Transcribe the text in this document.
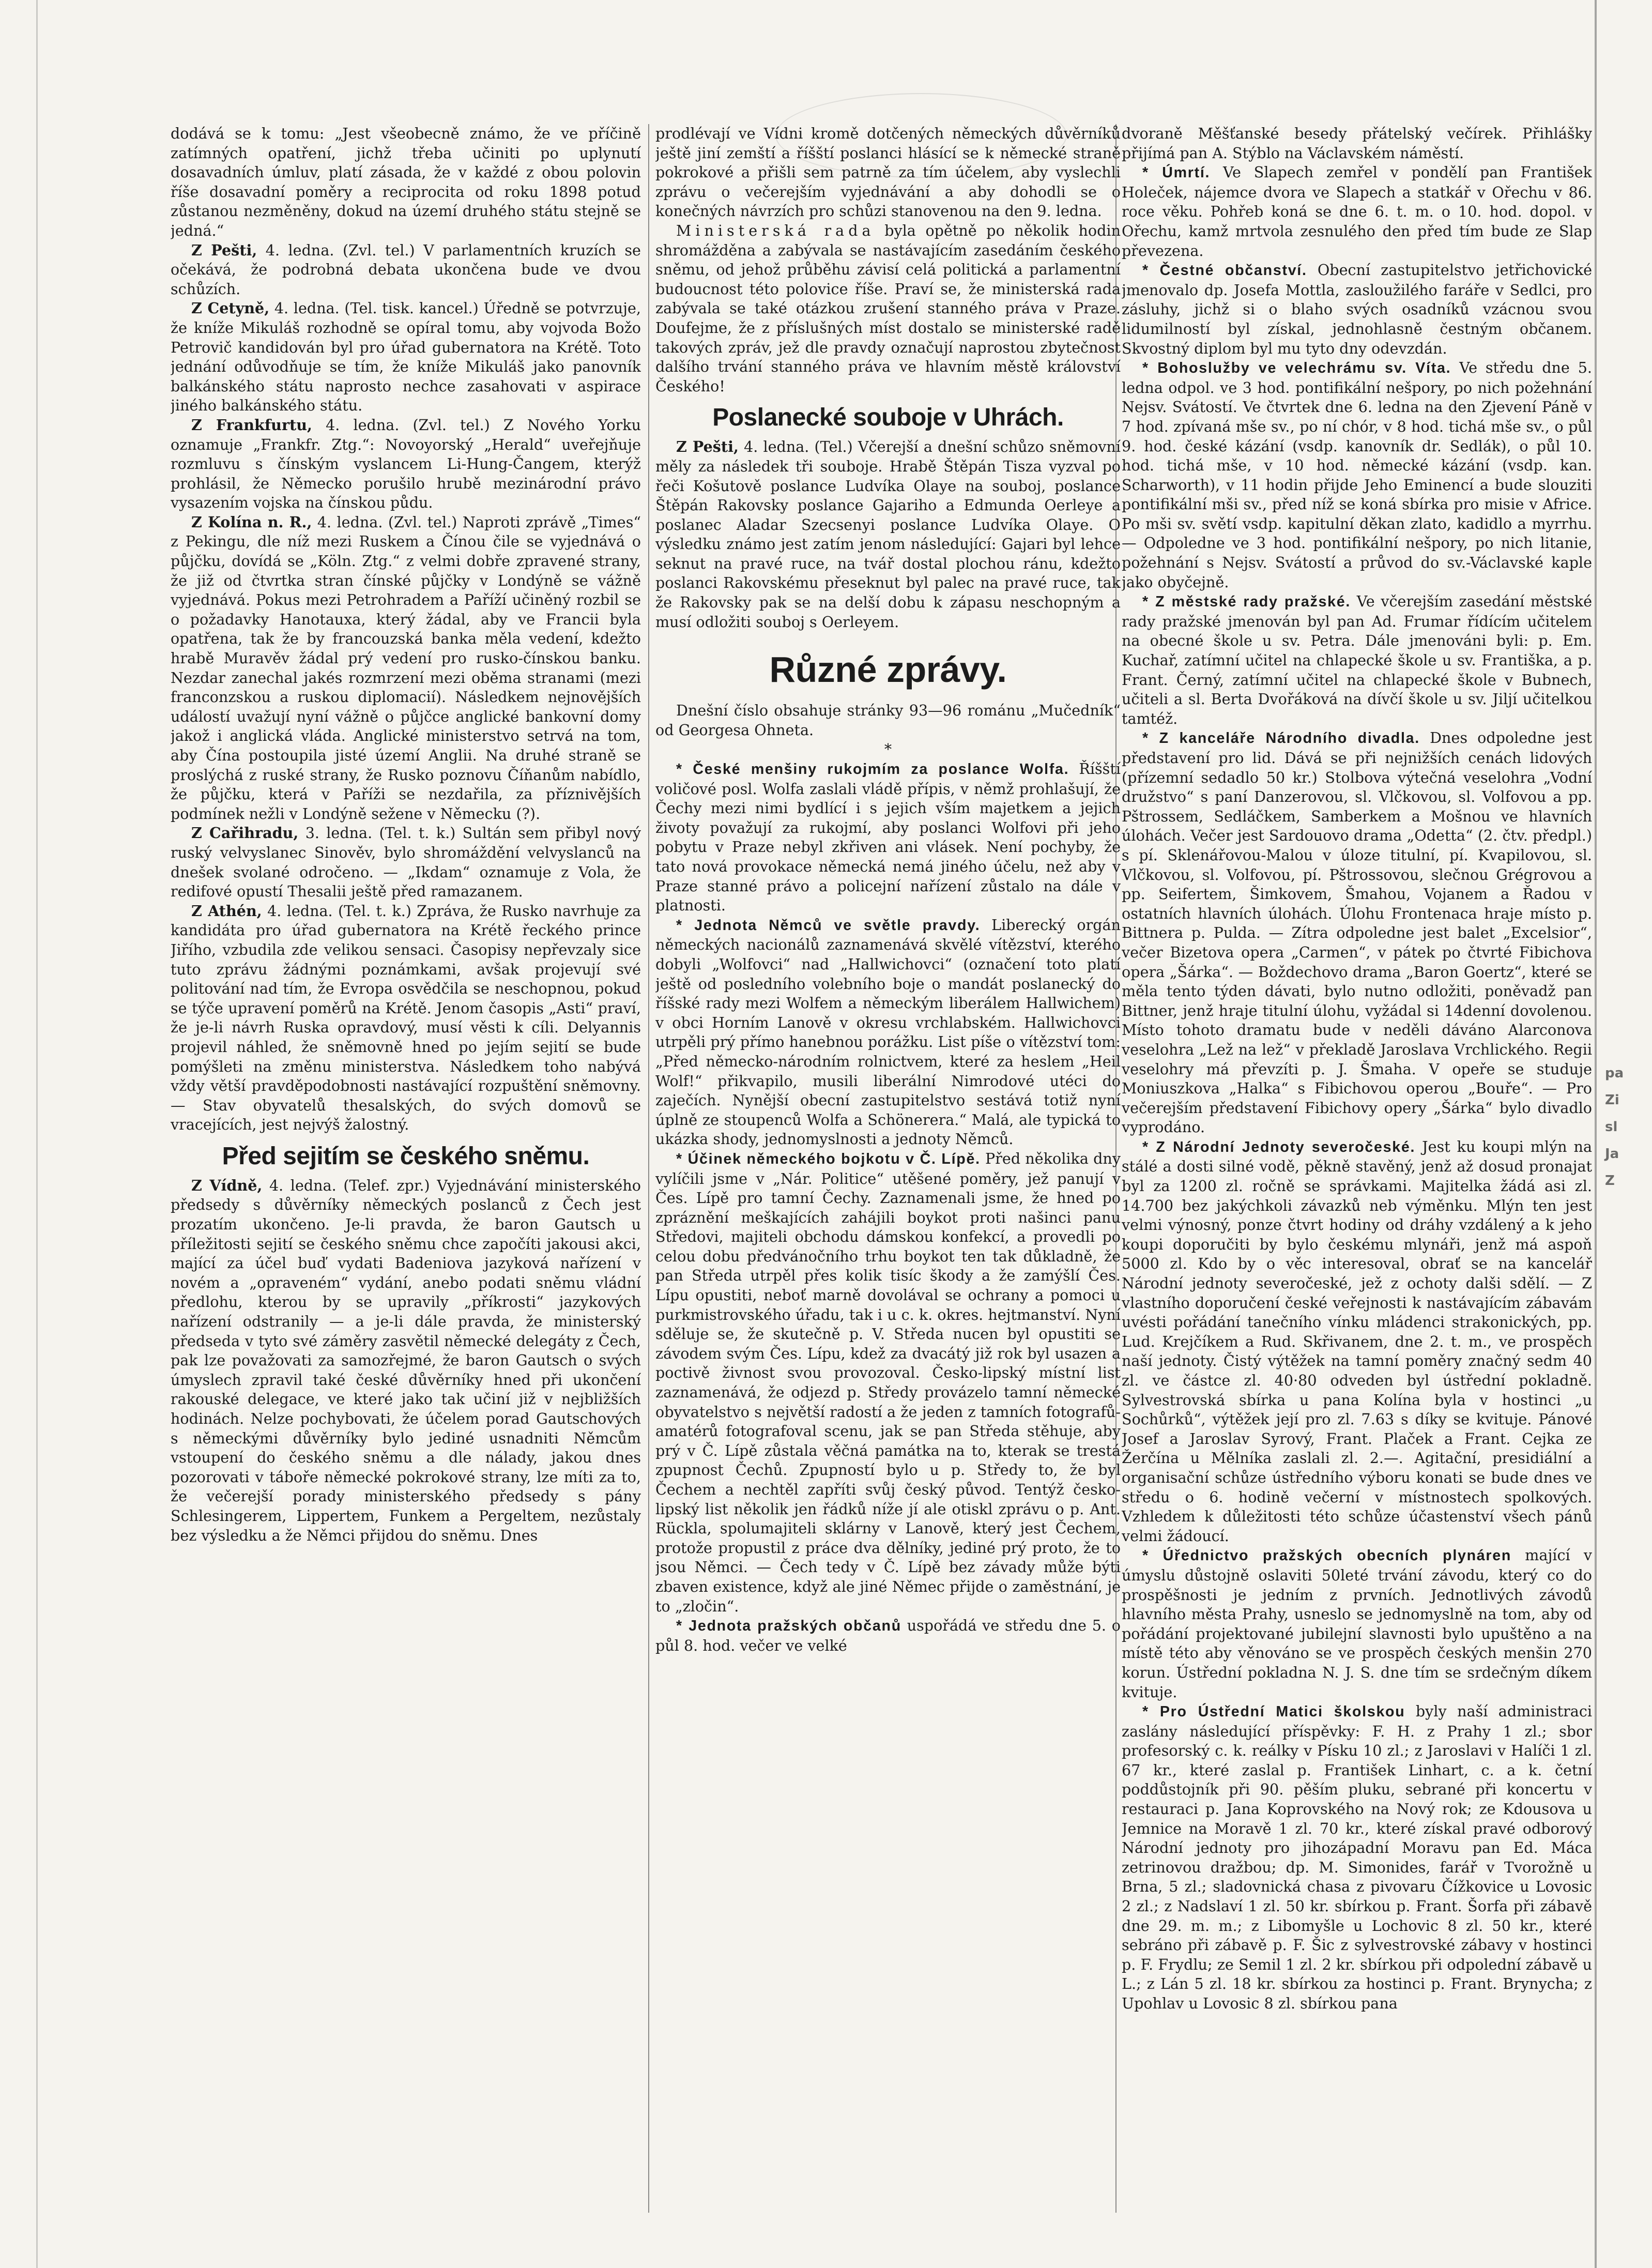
dodává se k tomu: „Jest všeobecně známo, že ve příčině zatímných opatření, jichž třeba učiniti po uplynutí dosavadních úmluv, platí zásada, že v každé z obou polovin říše dosavadní poměry a reciprocita od roku 1898 potud zůstanou nezměněny, dokud na území druhého státu stejně se jedná.“

Z Pešti, 4. ledna. (Zvl. tel.) V parlamentních kruzích se očekává, že podrobná debata ukončena bude ve dvou schůzích.

Z Cetyně, 4. ledna. (Tel. tisk. kancel.) Úředně se potvrzuje, že kníže Mikuláš rozhodně se opíral tomu, aby vojvoda Božo Petrovič kandidován byl pro úřad gubernatora na Krétě. Toto jednání odůvodňuje se tím, že kníže Mikuláš jako panovník balkánského státu naprosto nechce zasahovati v aspirace jiného balkánského státu.

Z Frankfurtu, 4. ledna. (Zvl. tel.) Z Nového Yorku oznamuje „Frankfr. Ztg.“: Novoyorský „Herald“ uveřejňuje rozmluvu s čínským vyslancem Li-Hung-Čangem, kterýž prohlásil, že Německo porušilo hrubě mezinárodní právo vysazením vojska na čínskou půdu.

Z Kolína n. R., 4. ledna. (Zvl. tel.) Naproti zprávě „Times“ z Pekingu, dle níž mezi Ruskem a Čínou čile se vyjednává o půjčku, dovídá se „Köln. Ztg.“ z velmi dobře zpravené strany, že již od čtvrtka stran čínské půjčky v Londýně se vážně vyjednává. Pokus mezi Petrohradem a Paříží učiněný rozbil se o požadavky Hanotauxa, který žádal, aby ve Francii byla opatřena, tak že by francouzská banka měla vedení, kdežto hrabě Muravěv žádal prý vedení pro rusko-čínskou banku. Nezdar zanechal jakés rozmrzení mezi oběma stranami (mezi franconzskou a ruskou diplomacií). Následkem nejnovějších událostí uvažují nyní vážně o půjčce anglické bankovní domy jakož i anglická vláda. Anglické ministerstvo setrvá na tom, aby Čína postoupila jisté území Anglii. Na druhé straně se proslýchá z ruské strany, že Rusko poznovu Číňanům nabídlo, že půjčku, která v Paříži se nezdařila, za příznivějších podmínek nežli v Londýně sežene v Německu (?).

Z Cařihradu, 3. ledna. (Tel. t. k.) Sultán sem přibyl nový ruský velvyslanec Sinověv, bylo shromáždění velvyslanců na dnešek svolané odročeno. — „Ikdam“ oznamuje z Vola, že redifové opustí Thesalii ještě před ramazanem.

Z Athén, 4. ledna. (Tel. t. k.) Zpráva, že Rusko navrhuje za kandidáta pro úřad gubernatora na Krétě řeckého prince Jiřího, vzbudila zde velikou sensaci. Časopisy nepřevzaly sice tuto zprávu žádnými poznámkami, avšak projevují své politování nad tím, že Evropa osvědčila se neschopnou, pokud se týče upravení poměrů na Krétě. Jenom časopis „Asti“ praví, že je-li návrh Ruska opravdový, musí věsti k cíli. Delyannis projevil náhled, že sněmovně hned po jejím sejití se bude pomýšleti na změnu ministerstva. Následkem toho nabývá vždy větší pravděpodobnosti nastávající rozpuštění sněmovny. — Stav obyvatelů thesalských, do svých domovů se vracejících, jest nejvýš žalostný.

Před sejitím se českého sněmu.

Z Vídně, 4. ledna. (Telef. zpr.) Vyjednávání ministerského předsedy s důvěrníky německých poslanců z Čech jest prozatím ukončeno. Je-li pravda, že baron Gautsch u příležitosti sejití se českého sněmu chce započíti jakousi akci, mající za účel buď vydati Badeniova jazyková nařízení v novém a „opraveném“ vydání, anebo podati sněmu vládní předlohu, kterou by se upravily „příkrosti“ jazykových nařízení odstranily — a je-li dále pravda, že ministerský předseda v tyto své záměry zasvětil německé delegáty z Čech, pak lze považovati za samozřejmé, že baron Gautsch o svých úmyslech zpravil také české důvěrníky hned při ukončení rakouské delegace, ve které jako tak učiní již v nejbližších hodinách. Nelze pochybovati, že účelem porad Gautschových s německými důvěrníky bylo jediné usnadniti Němcům vstoupení do českého sněmu a dle nálady, jakou dnes pozorovati v táboře německé pokrokové strany, lze míti za to, že večerejší porady ministerského předsedy s pány Schlesingerem, Lippertem, Funkem a Pergeltem, nezůstaly bez výsledku a že Němci přijdou do sněmu. Dnes

prodlévají ve Vídni kromě dotčených německých důvěrníků ještě jiní zemští a říšští poslanci hlásící se k německé straně pokrokové a přišli sem patrně za tím účelem, aby vyslechli zprávu o večerejším vyjednávání a aby dohodli se o konečných návrzích pro schůzi stanovenou na den 9. ledna.

Ministerská rada byla opětně po několik hodin shromážděna a zabývala se nastávajícím zasedáním českého sněmu, od jehož průběhu závisí celá politická a parlamentní budoucnost této polovice říše. Praví se, že ministerská rada zabývala se také otázkou zrušení stanného práva v Praze. Doufejme, že z příslušných míst dostalo se ministerské radě takových zpráv, jež dle pravdy označují naprostou zbytečnost dalšího trvání stanného práva ve hlavním městě království Českého!

Poslanecké souboje v Uhrách.

Z Pešti, 4. ledna. (Tel.) Včerejší a dnešní schůzo sněmovní měly za následek tři souboje. Hrabě Štěpán Tisza vyzval po řeči Košutově poslance Ludvíka Olaye na souboj, poslance Štěpán Rakovsky poslance Gajariho a Edmunda Oerleye a poslanec Aladar Szecsenyi poslance Ludvíka Olaye. O výsledku známo jest zatím jenom následující: Gajari byl lehce seknut na pravé ruce, na tvář dostal plochou ránu, kdežto poslanci Rakovskému přeseknut byl palec na pravé ruce, tak že Rakovsky pak se na delší dobu k zápasu neschopným a musí odložiti souboj s Oerleyem.

Různé zprávy.

Dnešní číslo obsahuje stránky 93—96 románu „Mučedník“ od Georgesa Ohneta.

*

* České menšiny rukojmím za poslance Wolfa. Říšští voličové posl. Wolfa zaslali vládě přípis, v němž prohlašují, že Čechy mezi nimi bydlící i s jejich vším majetkem a jejich životy považují za rukojmí, aby poslanci Wolfovi při jeho pobytu v Praze nebyl zkřiven ani vlásek. Není pochyby, že tato nová provokace německá nemá jiného účelu, než aby v Praze stanné právo a policejní nařízení zůstalo na dále v platnosti.

* Jednota Němců ve světle pravdy. Liberecký orgán německých nacionálů zaznamenává skvělé vítězství, kterého dobyli „Wolfovci“ nad „Hallwichovci“ (označení toto platí ještě od posledního volebního boje o mandát poslanecký do říšské rady mezi Wolfem a německým liberálem Hallwichem) v obci Horním Lanově v okresu vrchlabském. Hallwichovci utrpěli prý přímo hanebnou porážku. List píše o vítězství tom: „Před německo-národním rolnictvem, které za heslem „Heil Wolf!“ přikvapilo, musili liberální Nimrodové utéci do zaječích. Nynější obecní zastupitelstvo sestává totiž nyní úplně ze stoupenců Wolfa a Schönerera.“ Malá, ale typická to ukázka shody, jednomyslnosti a jednoty Němců.

* Účinek německého bojkotu v Č. Lípě. Před několika dny vylíčili jsme v „Nár. Politice“ utěšené poměry, jež panují v Čes. Lípě pro tamní Čechy. Zaznamenali jsme, že hned po zpráznění meškajících zahájili boykot proti našinci panu Středovi, majiteli obchodu dámskou konfekcí, a provedli po celou dobu předvánočního trhu boykot ten tak důkladně, že pan Středa utrpěl přes kolik tisíc škody a že zamýšlí Čes. Lípu opustiti, neboť marně dovolával se ochrany a pomoci u purkmistrovského úřadu, tak i u c. k. okres. hejtmanství. Nyní sděluje se, že skutečně p. V. Středa nucen byl opustiti se závodem svým Čes. Lípu, kdež za dvacátý již rok byl usazen a poctivě živnost svou provozoval. Česko-lipský místní list zaznamenává, že odjezd p. Středy provázelo tamní německé obyvatelstvo s největší radostí a že jeden z tamních fotografů-amatérů fotografoval scenu, jak se pan Středa stěhuje, aby prý v Č. Lípě zůstala věčná památka na to, kterak se trestá zpupnost Čechů. Zpupností bylo u p. Středy to, že byl Čechem a nechtěl zapříti svůj český původ. Tentýž česko-lipský list několik jen řádků níže jí ale otiskl zprávu o p. Ant. Rückla, spolumajiteli sklárny v Lanově, který jest Čechem, protože propustil z práce dva dělníky, jediné prý proto, že to jsou Němci. — Čech tedy v Č. Lípě bez závady může býti zbaven existence, když ale jiné Němec přijde o zaměstnání, je to „zločin“.

* Jednota pražských občanů uspořádá ve středu dne 5. o půl 8. hod. večer ve velké

dvoraně Měšťanské besedy přátelský večírek. Přihlášky přijímá pan A. Stýblo na Václavském náměstí.

* Úmrtí. Ve Slapech zemřel v pondělí pan František Holeček, nájemce dvora ve Slapech a statkář v Ořechu v 86. roce věku. Pohřeb koná se dne 6. t. m. o 10. hod. dopol. v Ořechu, kamž mrtvola zesnulého den před tím bude ze Slap převezena.

* Čestné občanství. Obecní zastupitelstvo jetřichovické jmenovalo dp. Josefa Mottla, zasloužilého faráře v Sedlci, pro zásluhy, jichž si o blaho svých osadníků vzácnou svou lidumilností byl získal, jednohlasně čestným občanem. Skvostný diplom byl mu tyto dny odevzdán.

* Bohoslužby ve velechrámu sv. Víta. Ve středu dne 5. ledna odpol. ve 3 hod. pontifikální nešpory, po nich požehnání Nejsv. Svátostí. Ve čtvrtek dne 6. ledna na den Zjevení Páně v 7 hod. zpívaná mše sv., po ní chór, v 8 hod. tichá mše sv., o půl 9. hod. české kázání (vsdp. kanovník dr. Sedlák), o půl 10. hod. tichá mše, v 10 hod. německé kázání (vsdp. kan. Scharworth), v 11 hodin přijde Jeho Eminencí a bude slouziti pontifikální mši sv., před níž se koná sbírka pro misie v Africe. Po mši sv. světí vsdp. kapitulní děkan zlato, kadidlo a myrrhu. — Odpoledne ve 3 hod. pontifikální nešpory, po nich litanie, požehnání s Nejsv. Svátostí a průvod do sv.-Václavské kaple jako obyčejně.

* Z městské rady pražské. Ve včerejším zasedání městské rady pražské jmenován byl pan Ad. Frumar řídícím učitelem na obecné škole u sv. Petra. Dále jmenováni byli: p. Em. Kuchař, zatímní učitel na chlapecké škole u sv. Františka, a p. Frant. Černý, zatímní učitel na chlapecké škole v Bubnech, učiteli a sl. Berta Dvořáková na dívčí škole u sv. Jiljí učitelkou tamtéž.

* Z kanceláře Národního divadla. Dnes odpoledne jest představení pro lid. Dává se při nejnižších cenách lidových (přízemní sedadlo 50 kr.) Stolbova výtečná veselohra „Vodní družstvo“ s paní Danzerovou, sl. Vlčkovou, sl. Volfovou a pp. Pštrossem, Sedláčkem, Samberkem a Mošnou ve hlavních úlohách. Večer jest Sardouovo drama „Odetta“ (2. čtv. předpl.) s pí. Sklenářovou-Malou v úloze titulní, pí. Kvapilovou, sl. Vlčkovou, sl. Volfovou, pí. Pštrossovou, slečnou Grégrovou a pp. Seifertem, Šimkovem, Šmahou, Vojanem a Řadou v ostatních hlavních úlohách. Úlohu Frontenaca hraje místo p. Bittnera p. Pulda. — Zítra odpoledne jest balet „Excelsior“, večer Bizetova opera „Carmen“, v pátek po čtvrté Fibichova opera „Šárka“. — Boždechovo drama „Baron Goertz“, které se měla tento týden dávati, bylo nutno odložiti, poněvadž pan Bittner, jenž hraje titulní úlohu, vyžádal si 14denní dovolenou. Místo tohoto dramatu bude v neděli dáváno Alarconova veselohra „Lež na lež“ v překladě Jaroslava Vrchlického. Regii veselohry má převzíti p. J. Šmaha. V opeře se studuje Moniuszkova „Halka“ s Fibichovou operou „Bouře“. — Pro večerejším představení Fibichovy opery „Šárka“ bylo divadlo vyprodáno.

* Z Národní Jednoty severočeské. Jest ku koupi mlýn na stálé a dosti silné vodě, pěkně stavěný, jenž až dosud pronajat byl za 1200 zl. ročně se správkami. Majitelka žádá asi zl. 14.700 bez jakýchkoli závazků neb výměnku. Mlýn ten jest velmi výnosný, ponze čtvrt hodiny od dráhy vzdálený a k jeho koupi doporučiti by bylo českému mlynáři, jenž má aspoň 5000 zl. Kdo by o věc interesoval, obrať se na kancelář Národní jednoty severočeské, jež z ochoty dalši sdělí. — Z vlastního doporučení české veřejnosti k nastávajícím zábavám uvésti pořádání tanečního vínku mládenci strakonických, pp. Lud. Krejčíkem a Rud. Skřivanem, dne 2. t. m., ve prospěch naší jednoty. Čistý výtěžek na tamní poměry značný sedm 40 zl. ve částce zl. 40·80 odveden byl ústřední pokladně. Sylvestrovská sbírka u pana Kolína byla v hostinci „u Sochůrků“, výtěžek její pro zl. 7.63 s díky se kvituje. Pánové Josef a Jaroslav Syrový, Frant. Plaček a Frant. Cejka ze Žerčína u Mělníka zaslali zl. 2.—. Agitační, presidiální a organisační schůze ústředního výboru konati se bude dnes ve středu o 6. hodině večerní v místnostech spolkových. Vzhledem k důležitosti této schůze účastenství všech pánů velmi žádoucí.

* Úřednictvo pražských obecních plynáren mající v úmyslu důstojně oslaviti 50leté trvání závodu, který co do prospěšnosti je jedním z prvních. Jednotlivých závodů hlavního města Prahy, usneslo se jednomyslně na tom, aby od pořádání projektované jubilejní slavnosti bylo upuštěno a na místě této aby věnováno se ve prospěch českých menšin 270 korun. Ústřední pokladna N. J. S. dne tím se srdečným díkem kvituje.

* Pro Ústřední Matici školskou byly naší administraci zaslány následující příspěvky: F. H. z Prahy 1 zl.; sbor profesorský c. k. reálky v Písku 10 zl.; z Jaroslavi v Halíči 1 zl. 67 kr., které zaslal p. František Linhart, c. a k. četní poddůstojník při 90. pěším pluku, sebrané při koncertu v restauraci p. Jana Koprovského na Nový rok; ze Kdousova u Jemnice na Moravě 1 zl. 70 kr., které získal pravé odborový Národní jednoty pro jihozápadní Moravu pan Ed. Máca zetrinovou dražbou; dp. M. Simonides, farář v Tvorožně u Brna, 5 zl.; sladovnická chasa z pivovaru Čížkovice u Lovosic 2 zl.; z Nadslaví 1 zl. 50 kr. sbírkou p. Frant. Šorfa při zábavě dne 29. m. m.; z Libomyšle u Lochovic 8 zl. 50 kr., které sebráno při zábavě p. F. Šic z sylvestrovské zábavy v hostinci p. F. Frydlu; ze Semil 1 zl. 2 kr. sbírkou při odpolední zábavě u L.; z Lán 5 zl. 18 kr. sbírkou za hostinci p. Frant. Brynycha; z Upohlav u Lovosic 8 zl. sbírkou pana

pa
Zi
sl
Ja
Z
